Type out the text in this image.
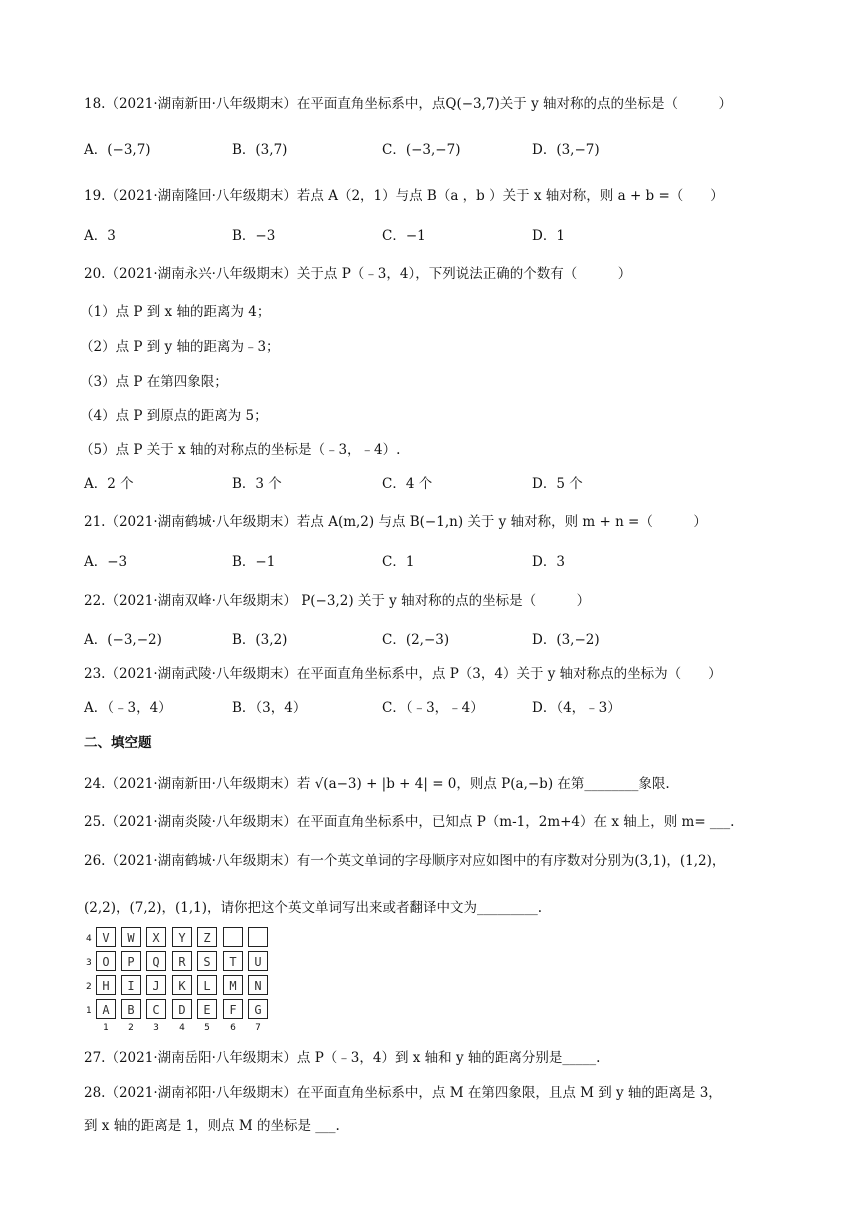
18.（2021·湖南新田·八年级期末）在平面直角坐标系中，点Q(−3,7)关于 y 轴对称的点的坐标是（　　　）
A．(−3,7)	B．(3,7)	C．(−3,−7)	D．(3,−7)
19.（2021·湖南隆回·八年级期末）若点 A（2，1）与点 B（a ，b ）关于 x 轴对称，则 a + b =（　　）
A．3	B．−3	C．−1	D．1
20.（2021·湖南永兴·八年级期末）关于点 P（﹣3，4），下列说法正确的个数有（　　　）
（1）点 P 到 x 轴的距离为 4；
（2）点 P 到 y 轴的距离为﹣3；
（3）点 P 在第四象限；
（4）点 P 到原点的距离为 5；
（5）点 P 关于 x 轴的对称点的坐标是（﹣3，﹣4）.
A．2 个	B．3 个	C．4 个	D．5 个
21.（2021·湖南鹤城·八年级期末）若点 A(m,2) 与点 B(−1,n) 关于 y 轴对称，则 m + n =（　　　）
A．−3	B．−1	C．1	D．3
22.（2021·湖南双峰·八年级期末） P(−3,2) 关于 y 轴对称的点的坐标是（　　　）
A．(−3,−2)	B．(3,2)	C．(2,−3)	D．(3,−2)
23.（2021·湖南武陵·八年级期末）在平面直角坐标系中，点 P（3，4）关于 y 轴对称点的坐标为（　　）
A．（﹣3，4）	B．（3，4）	C．（﹣3，﹣4）	D．（4，﹣3）
二、填空题
24.（2021·湖南新田·八年级期末）若 √(a−3) + |b + 4| = 0，则点 P(a,−b) 在第________象限.
25.（2021·湖南炎陵·八年级期末）在平面直角坐标系中，已知点 P（m-1，2m+4）在 x 轴上，则 m= ___.
26.（2021·湖南鹤城·八年级期末）有一个英文单词的字母顺序对应如图中的有序数对分别为(3,1)，(1,2)，
(2,2)，(7,2)，(1,1)，请你把这个英文单词写出来或者翻译中文为_________.
4 V	W	X	Y	Z
3 O	P	Q	R	S	T	U
2 H	I	J	K	L	M	N
1 A	B	C	D	E	F	G
1	2	3	4	5	6	7
27.（2021·湖南岳阳·八年级期末）点 P（﹣3，4）到 x 轴和 y 轴的距离分别是_____.
28.（2021·湖南祁阳·八年级期末）在平面直角坐标系中，点 M 在第四象限，且点 M 到 y 轴的距离是 3，
到 x 轴的距离是 1，则点 M 的坐标是 ___.
